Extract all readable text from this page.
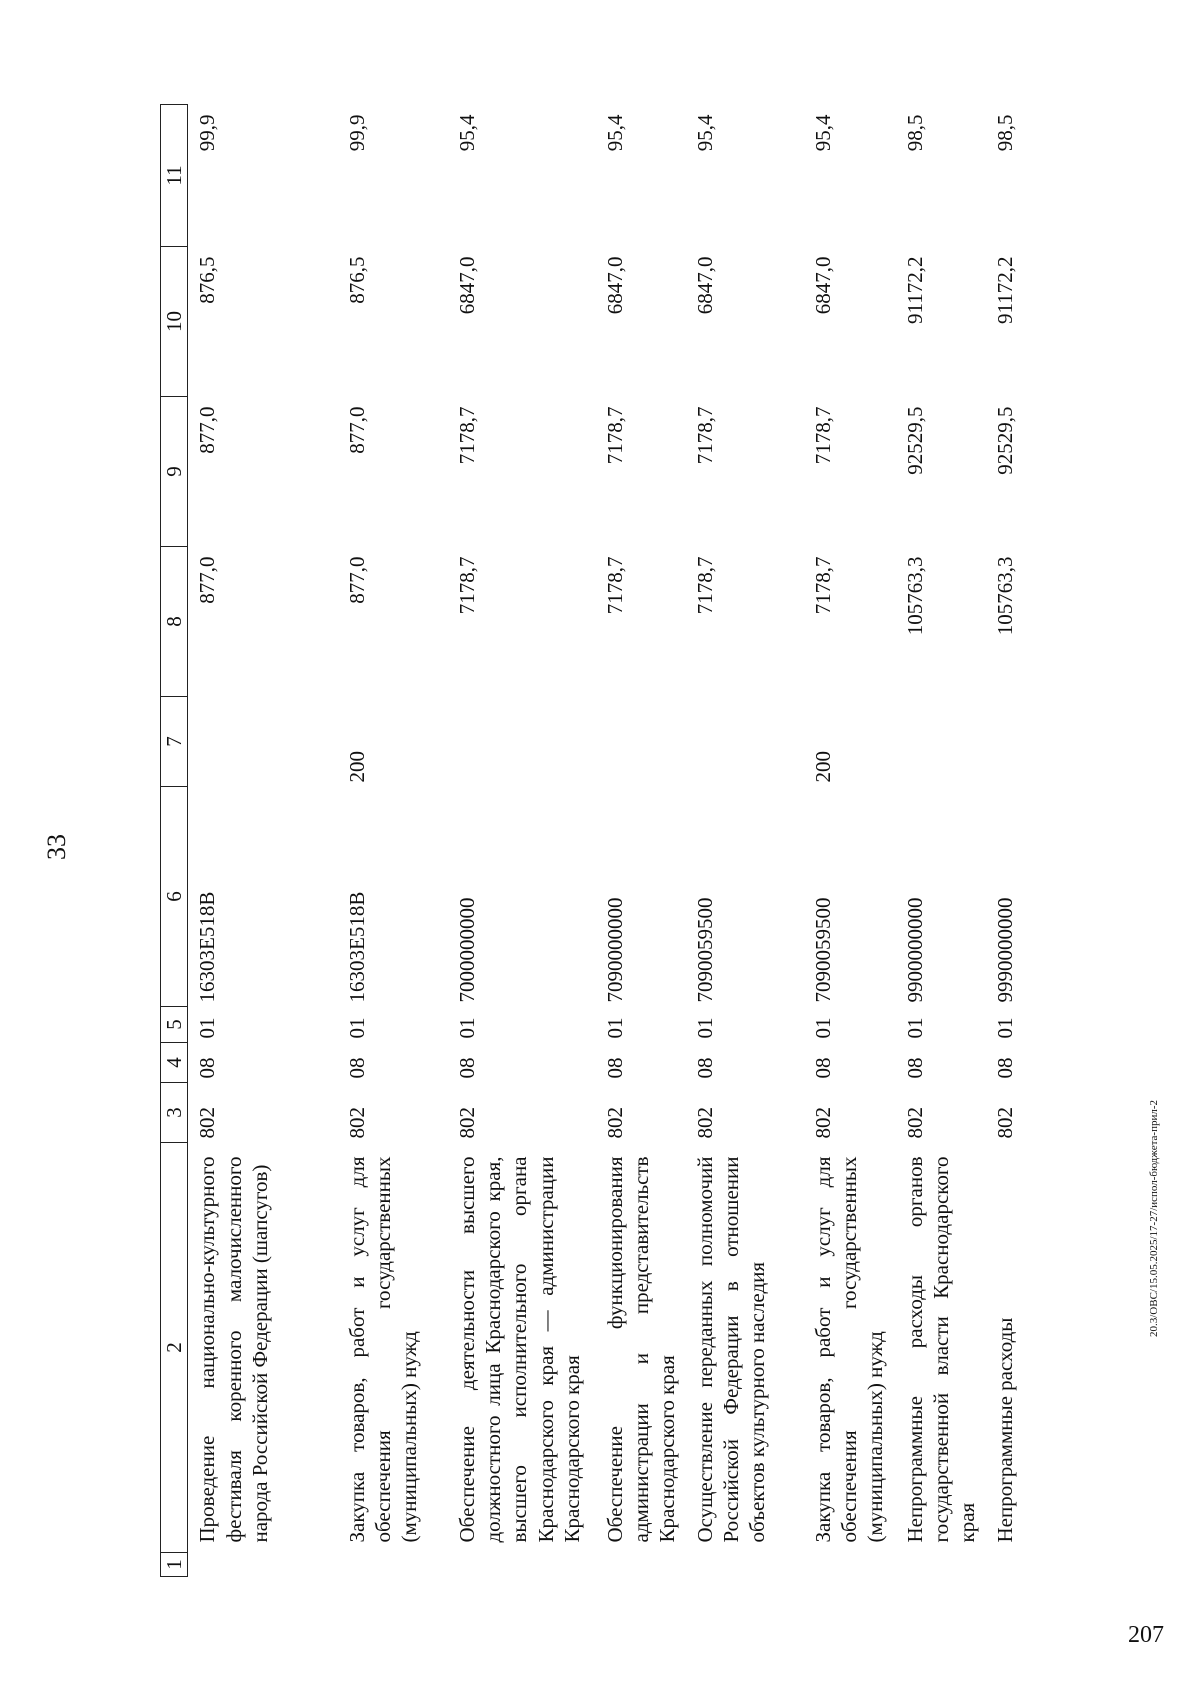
33
1	2	3	4	5	6	7	8	9	10	11
	Проведение национально-культурного фестиваля коренного малочисленного народа Российской Федерации (шапсугов)	802	08	01	16303Е518В		877,0	877,0	876,5	99,9
	Закупка товаров, работ и услуг для обеспечения государственных (муниципальных) нужд	802	08	01	16303Е518В	200	877,0	877,0	876,5	99,9
	Обеспечение деятельности высшего должностного лица Краснодарского края, высшего исполнительного органа Краснодарского края — администрации Краснодарского края	802	08	01	7000000000		7178,7	7178,7	6847,0	95,4
	Обеспечение функционирования администрации и представительств Краснодарского края	802	08	01	7090000000		7178,7	7178,7	6847,0	95,4
	Осуществление переданных полномочий Российской Федерации в отношении объектов культурного наследия	802	08	01	7090059500		7178,7	7178,7	6847,0	95,4
	Закупка товаров, работ и услуг для обеспечения государственных (муниципальных) нужд	802	08	01	7090059500	200	7178,7	7178,7	6847,0	95,4
	Непрограммные расходы органов государственной власти Краснодарского края	802	08	01	9900000000		105763,3	92529,5	91172,2	98,5
	Непрограммные расходы	802	08	01	9990000000		105763,3	92529,5	91172,2	98,5
20.3/OBC/15.05.2025/17-27/испол-бюджета-прил-2
207
